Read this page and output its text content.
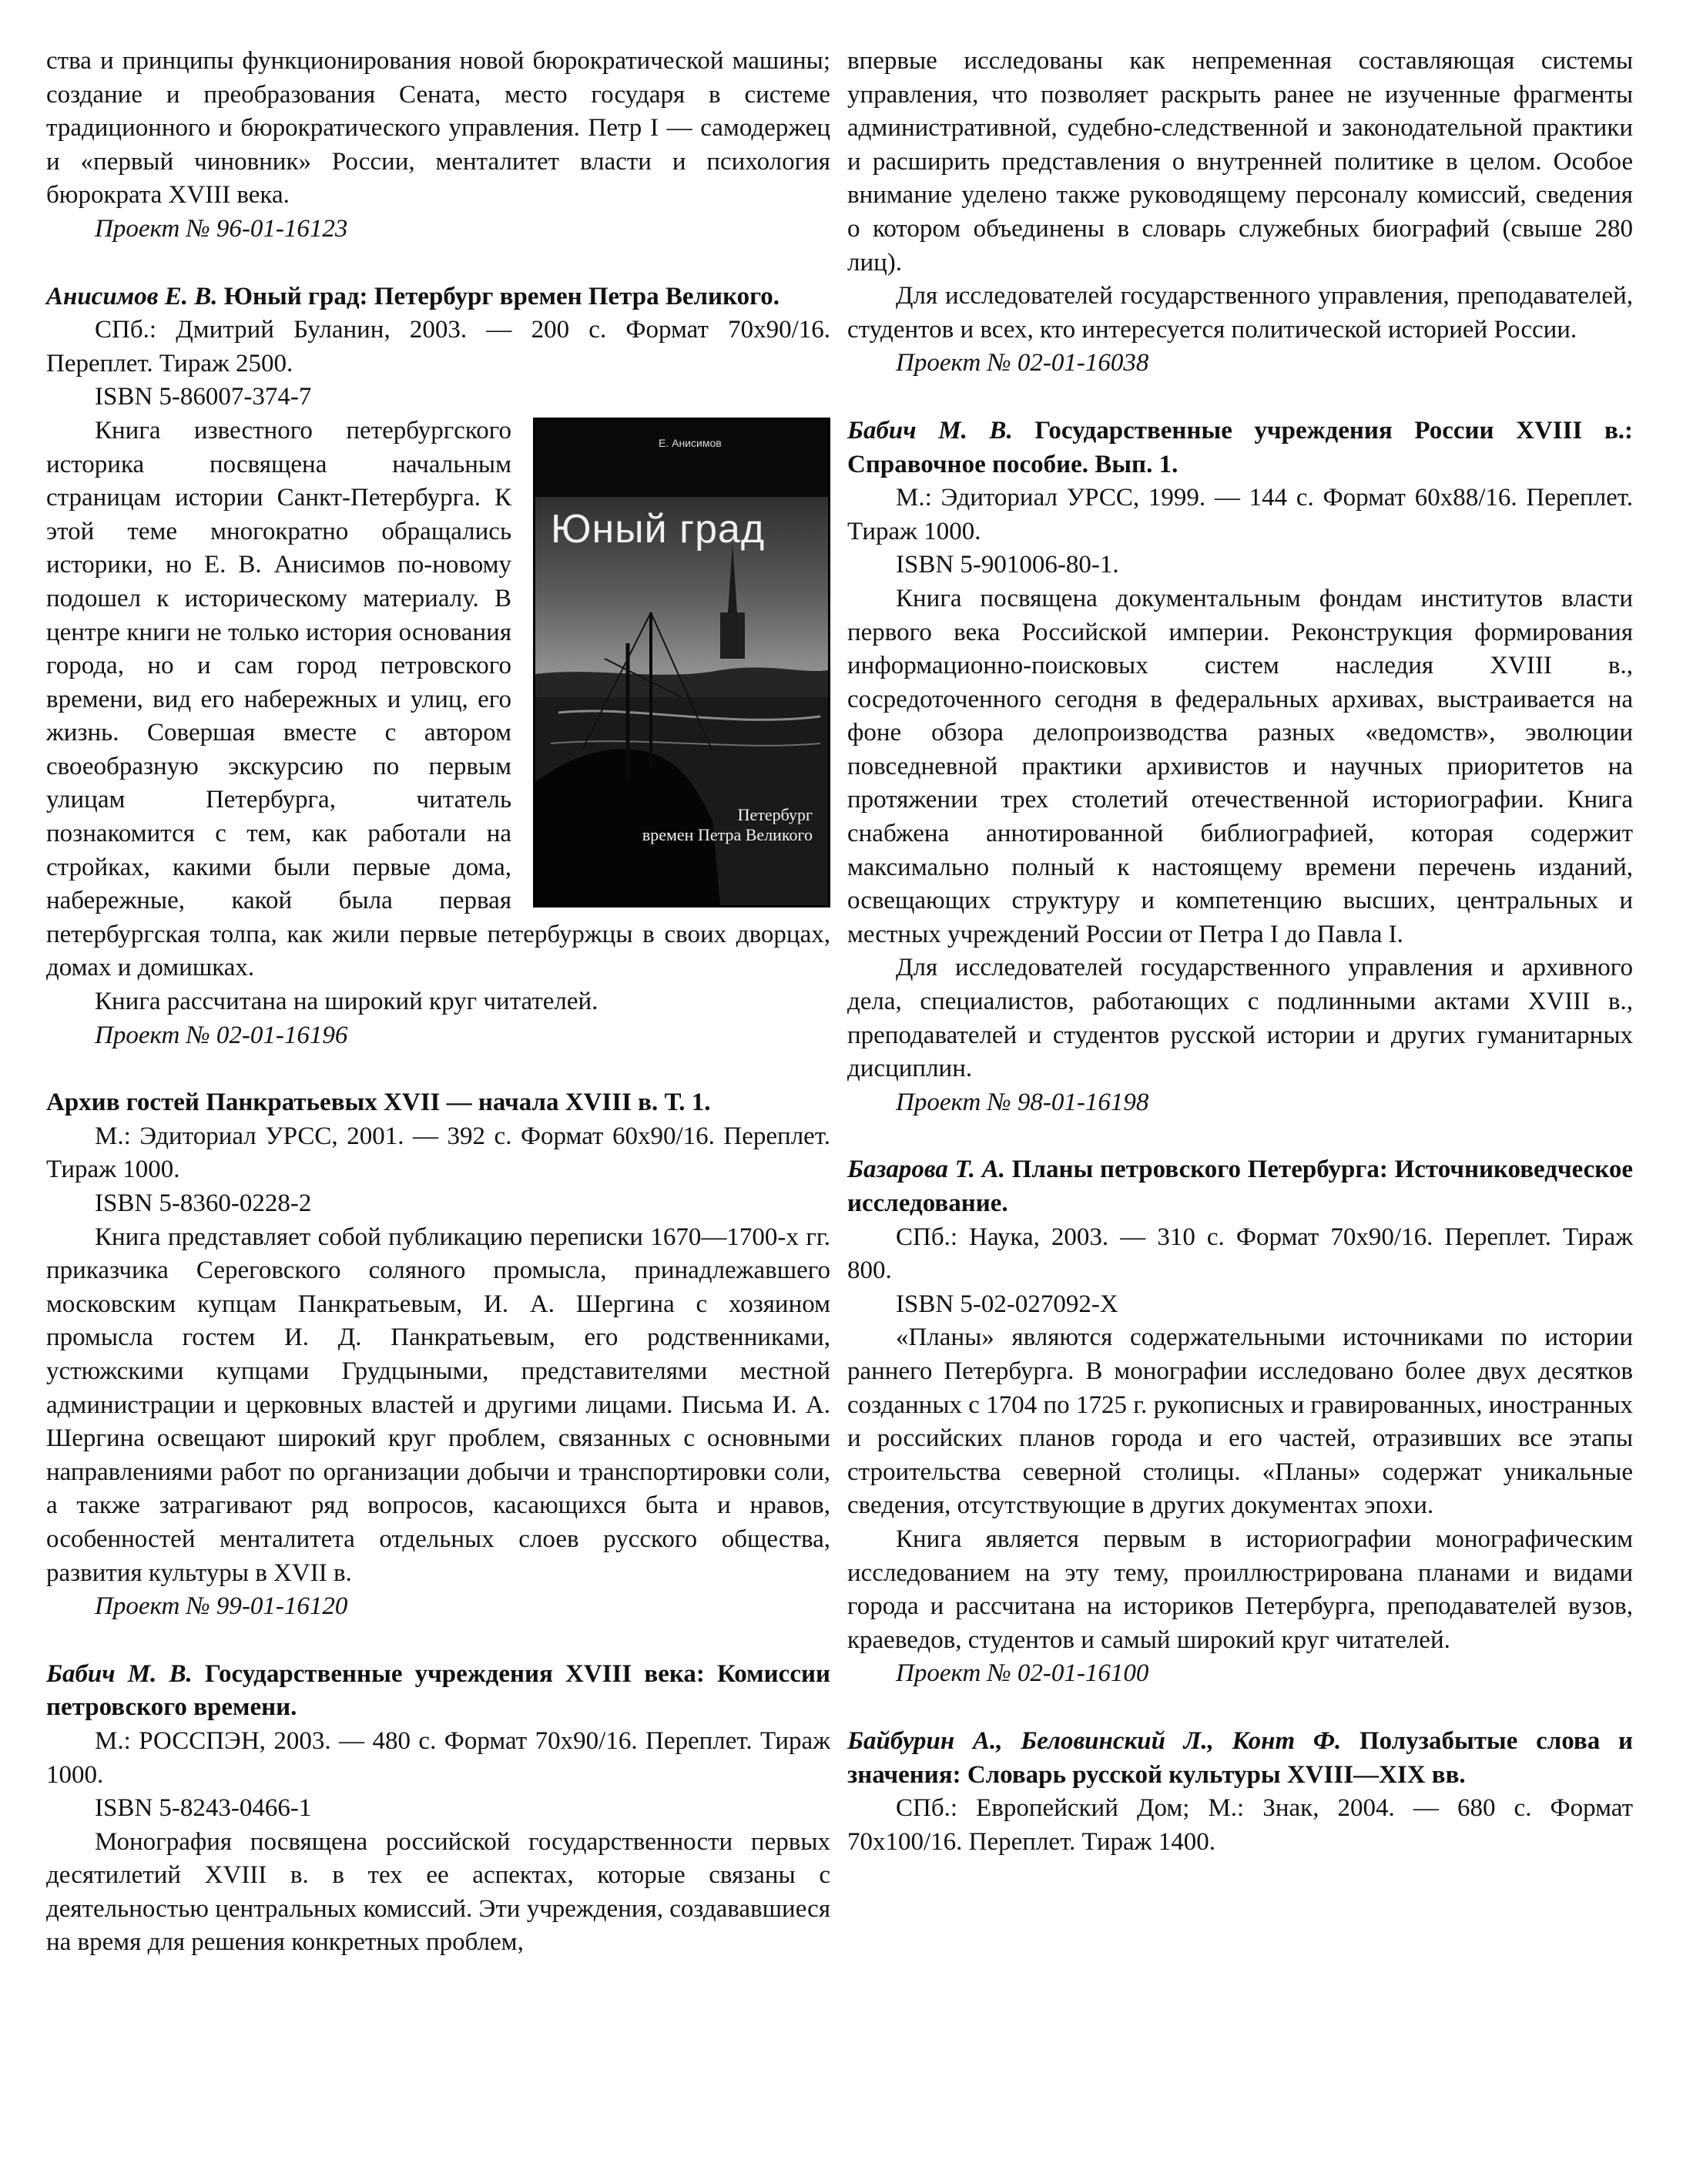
ства и принципы функционирования новой бюрократической машины; создание и преобразования Сената, место государя в системе традиционного и бюрократического управления. Петр I — самодержец и «первый чиновник» России, менталитет власти и психология бюрократа XVIII века.

Проект № 96-01-16123

Анисимов Е. В. Юный град: Петербург времен Петра Великого.

СПб.: Дмитрий Буланин, 2003. — 200 с. Формат 70х90/16. Переплет. Тираж 2500.

ISBN 5-86007-374-7

Е. Анисимов
Юный град
Петербург
времен Петра Великого

Книга известного петербургского историка посвящена начальным страницам истории Санкт-Петербурга. К этой теме многократно обращались историки, но Е. В. Анисимов по-новому подошел к историческому материалу. В центре книги не только история основания города, но и сам город петровского времени, вид его набережных и улиц, его жизнь. Совершая вместе с автором своеобразную экскурсию по первым улицам Петербурга, читатель познакомится с тем, как работали на стройках, какими были первые дома, набережные, какой была первая петербургская толпа, как жили первые петербуржцы в своих дворцах, домах и домишках.

Книга рассчитана на широкий круг читателей.

Проект № 02-01-16196

Архив гостей Панкратьевых XVII — начала XVIII в. Т. 1.

М.: Эдиториал УРСС, 2001. — 392 с. Формат 60х90/16. Переплет. Тираж 1000.

ISBN 5-8360-0228-2

Книга представляет собой публикацию переписки 1670—1700-х гг. приказчика Сереговского соляного промысла, принадлежавшего московским купцам Панкратьевым, И. А. Шергина с хозяином промысла гостем И. Д. Панкратьевым, его родственниками, устюжскими купцами Грудцыными, представителями местной администрации и церковных властей и другими лицами. Письма И. А. Шергина освещают широкий круг проблем, связанных с основными направлениями работ по организации добычи и транспортировки соли, а также затрагивают ряд вопросов, касающихся быта и нравов, особенностей менталитета отдельных слоев русского общества, развития культуры в XVII в.

Проект № 99-01-16120

Бабич М. В. Государственные учреждения XVIII века: Комиссии петровского времени.

М.: РОССПЭН, 2003. — 480 с. Формат 70х90/16. Переплет. Тираж 1000.

ISBN 5-8243-0466-1

Монография посвящена российской государственности первых десятилетий XVIII в. в тех ее аспектах, которые связаны с деятельностью центральных комиссий. Эти учреждения, создававшиеся на время для решения конкретных проблем,

впервые исследованы как непременная составляющая системы управления, что позволяет раскрыть ранее не изученные фрагменты административной, судебно-следственной и законодательной практики и расширить представления о внутренней политике в целом. Особое внимание уделено также руководящему персоналу комиссий, сведения о котором объединены в словарь служебных биографий (свыше 280 лиц).

Для исследователей государственного управления, преподавателей, студентов и всех, кто интересуется политической историей России.

Проект № 02-01-16038

Бабич М. В. Государственные учреждения России XVIII в.: Справочное пособие. Вып. 1.

М.: Эдиториал УРСС, 1999. — 144 с. Формат 60х88/16. Переплет. Тираж 1000.

ISBN 5-901006-80-1.

Книга посвящена документальным фондам институтов власти первого века Российской империи. Реконструкция формирования информационно-поисковых систем наследия XVIII в., сосредоточенного сегодня в федеральных архивах, выстраивается на фоне обзора делопроизводства разных «ведомств», эволюции повседневной практики архивистов и научных приоритетов на протяжении трех столетий отечественной историографии. Книга снабжена аннотированной библиографией, которая содержит максимально полный к настоящему времени перечень изданий, освещающих структуру и компетенцию высших, центральных и местных учреждений России от Петра I до Павла I.

Для исследователей государственного управления и архивного дела, специалистов, работающих с подлинными актами XVIII в., преподавателей и студентов русской истории и других гуманитарных дисциплин.

Проект № 98-01-16198

Базарова Т. А. Планы петровского Петербурга: Источниковедческое исследование.

СПб.: Наука, 2003. — 310 с. Формат 70х90/16. Переплет. Тираж 800.

ISBN 5-02-027092-Х

«Планы» являются содержательными источниками по истории раннего Петербурга. В монографии исследовано более двух десятков созданных с 1704 по 1725 г. рукописных и гравированных, иностранных и российских планов города и его частей, отразивших все этапы строительства северной столицы. «Планы» содержат уникальные сведения, отсутствующие в других документах эпохи.

Книга является первым в историографии монографическим исследованием на эту тему, проиллюстрирована планами и видами города и рассчитана на историков Петербурга, преподавателей вузов, краеведов, студентов и самый широкий круг читателей.

Проект № 02-01-16100

Байбурин А., Беловинский Л., Конт Ф. Полузабытые слова и значения: Словарь русской культуры XVIII—XIX вв.

СПб.: Европейский Дом; М.: Знак, 2004. — 680 с. Формат 70х100/16. Переплет. Тираж 1400.
